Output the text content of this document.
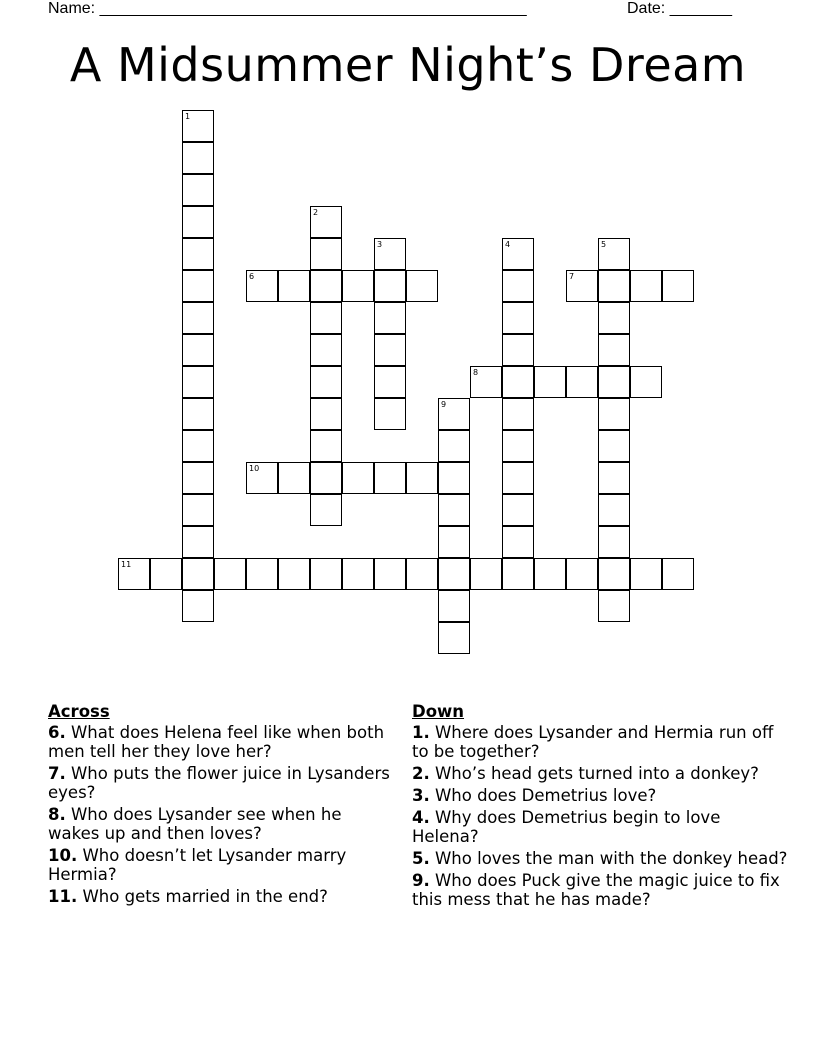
Name: ________________________________________________	Date: _______
A Midsummer Night’s Dream
1
2
3	4	5
6	7
8
9
10
11
Across
6. What does Helena feel like when both men tell her they love her?
7. Who puts the flower juice in Lysanders eyes?
8. Who does Lysander see when he wakes up and then loves?
10. Who doesn’t let Lysander marry Hermia?
11. Who gets married in the end?
Down
1. Where does Lysander and Hermia run off to be together?
2. Who’s head gets turned into a donkey?
3. Who does Demetrius love?
4. Why does Demetrius begin to love Helena?
5. Who loves the man with the donkey head?
9. Who does Puck give the magic juice to fix this mess that he has made?
